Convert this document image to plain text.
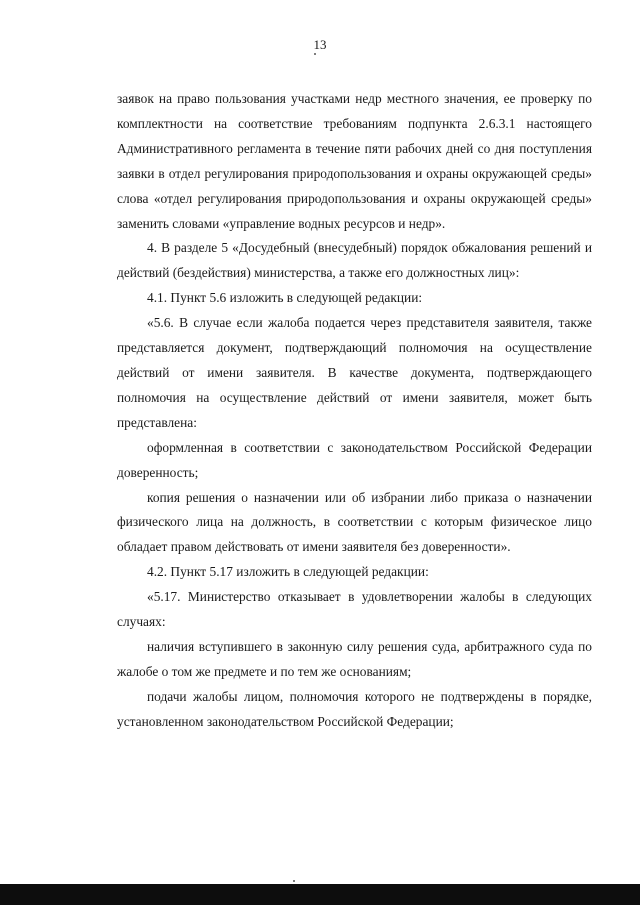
13

заявок на право пользования участками недр местного значения, ее проверку по комплектности на соответствие требованиям подпункта 2.6.3.1 настоящего Административного регламента в течение пяти рабочих дней со дня поступления заявки в отдел регулирования природопользования и охраны окружающей среды» слова «отдел регулирования природопользования и охраны окружающей среды» заменить словами «управление водных ресурсов и недр».

4. В разделе 5 «Досудебный (внесудебный) порядок обжалования решений и действий (бездействия) министерства, а также его должностных лиц»:

4.1. Пункт 5.6 изложить в следующей редакции:

«5.6. В случае если жалоба подается через представителя заявителя, также представляется документ, подтверждающий полномочия на осуществление действий от имени заявителя. В качестве документа, подтверждающего полномочия на осуществление действий от имени заявителя, может быть представлена:

оформленная в соответствии с законодательством Российской Федерации доверенность;

копия решения о назначении или об избрании либо приказа о назначении физического лица на должность, в соответствии с которым физическое лицо обладает правом действовать от имени заявителя без доверенности».

4.2. Пункт 5.17 изложить в следующей редакции:

«5.17. Министерство отказывает в удовлетворении жалобы в следующих случаях:

наличия вступившего в законную силу решения суда, арбитражного суда по жалобе о том же предмете и по тем же основаниям;

подачи жалобы лицом, полномочия которого не подтверждены в порядке, установленном законодательством Российской Федерации;
